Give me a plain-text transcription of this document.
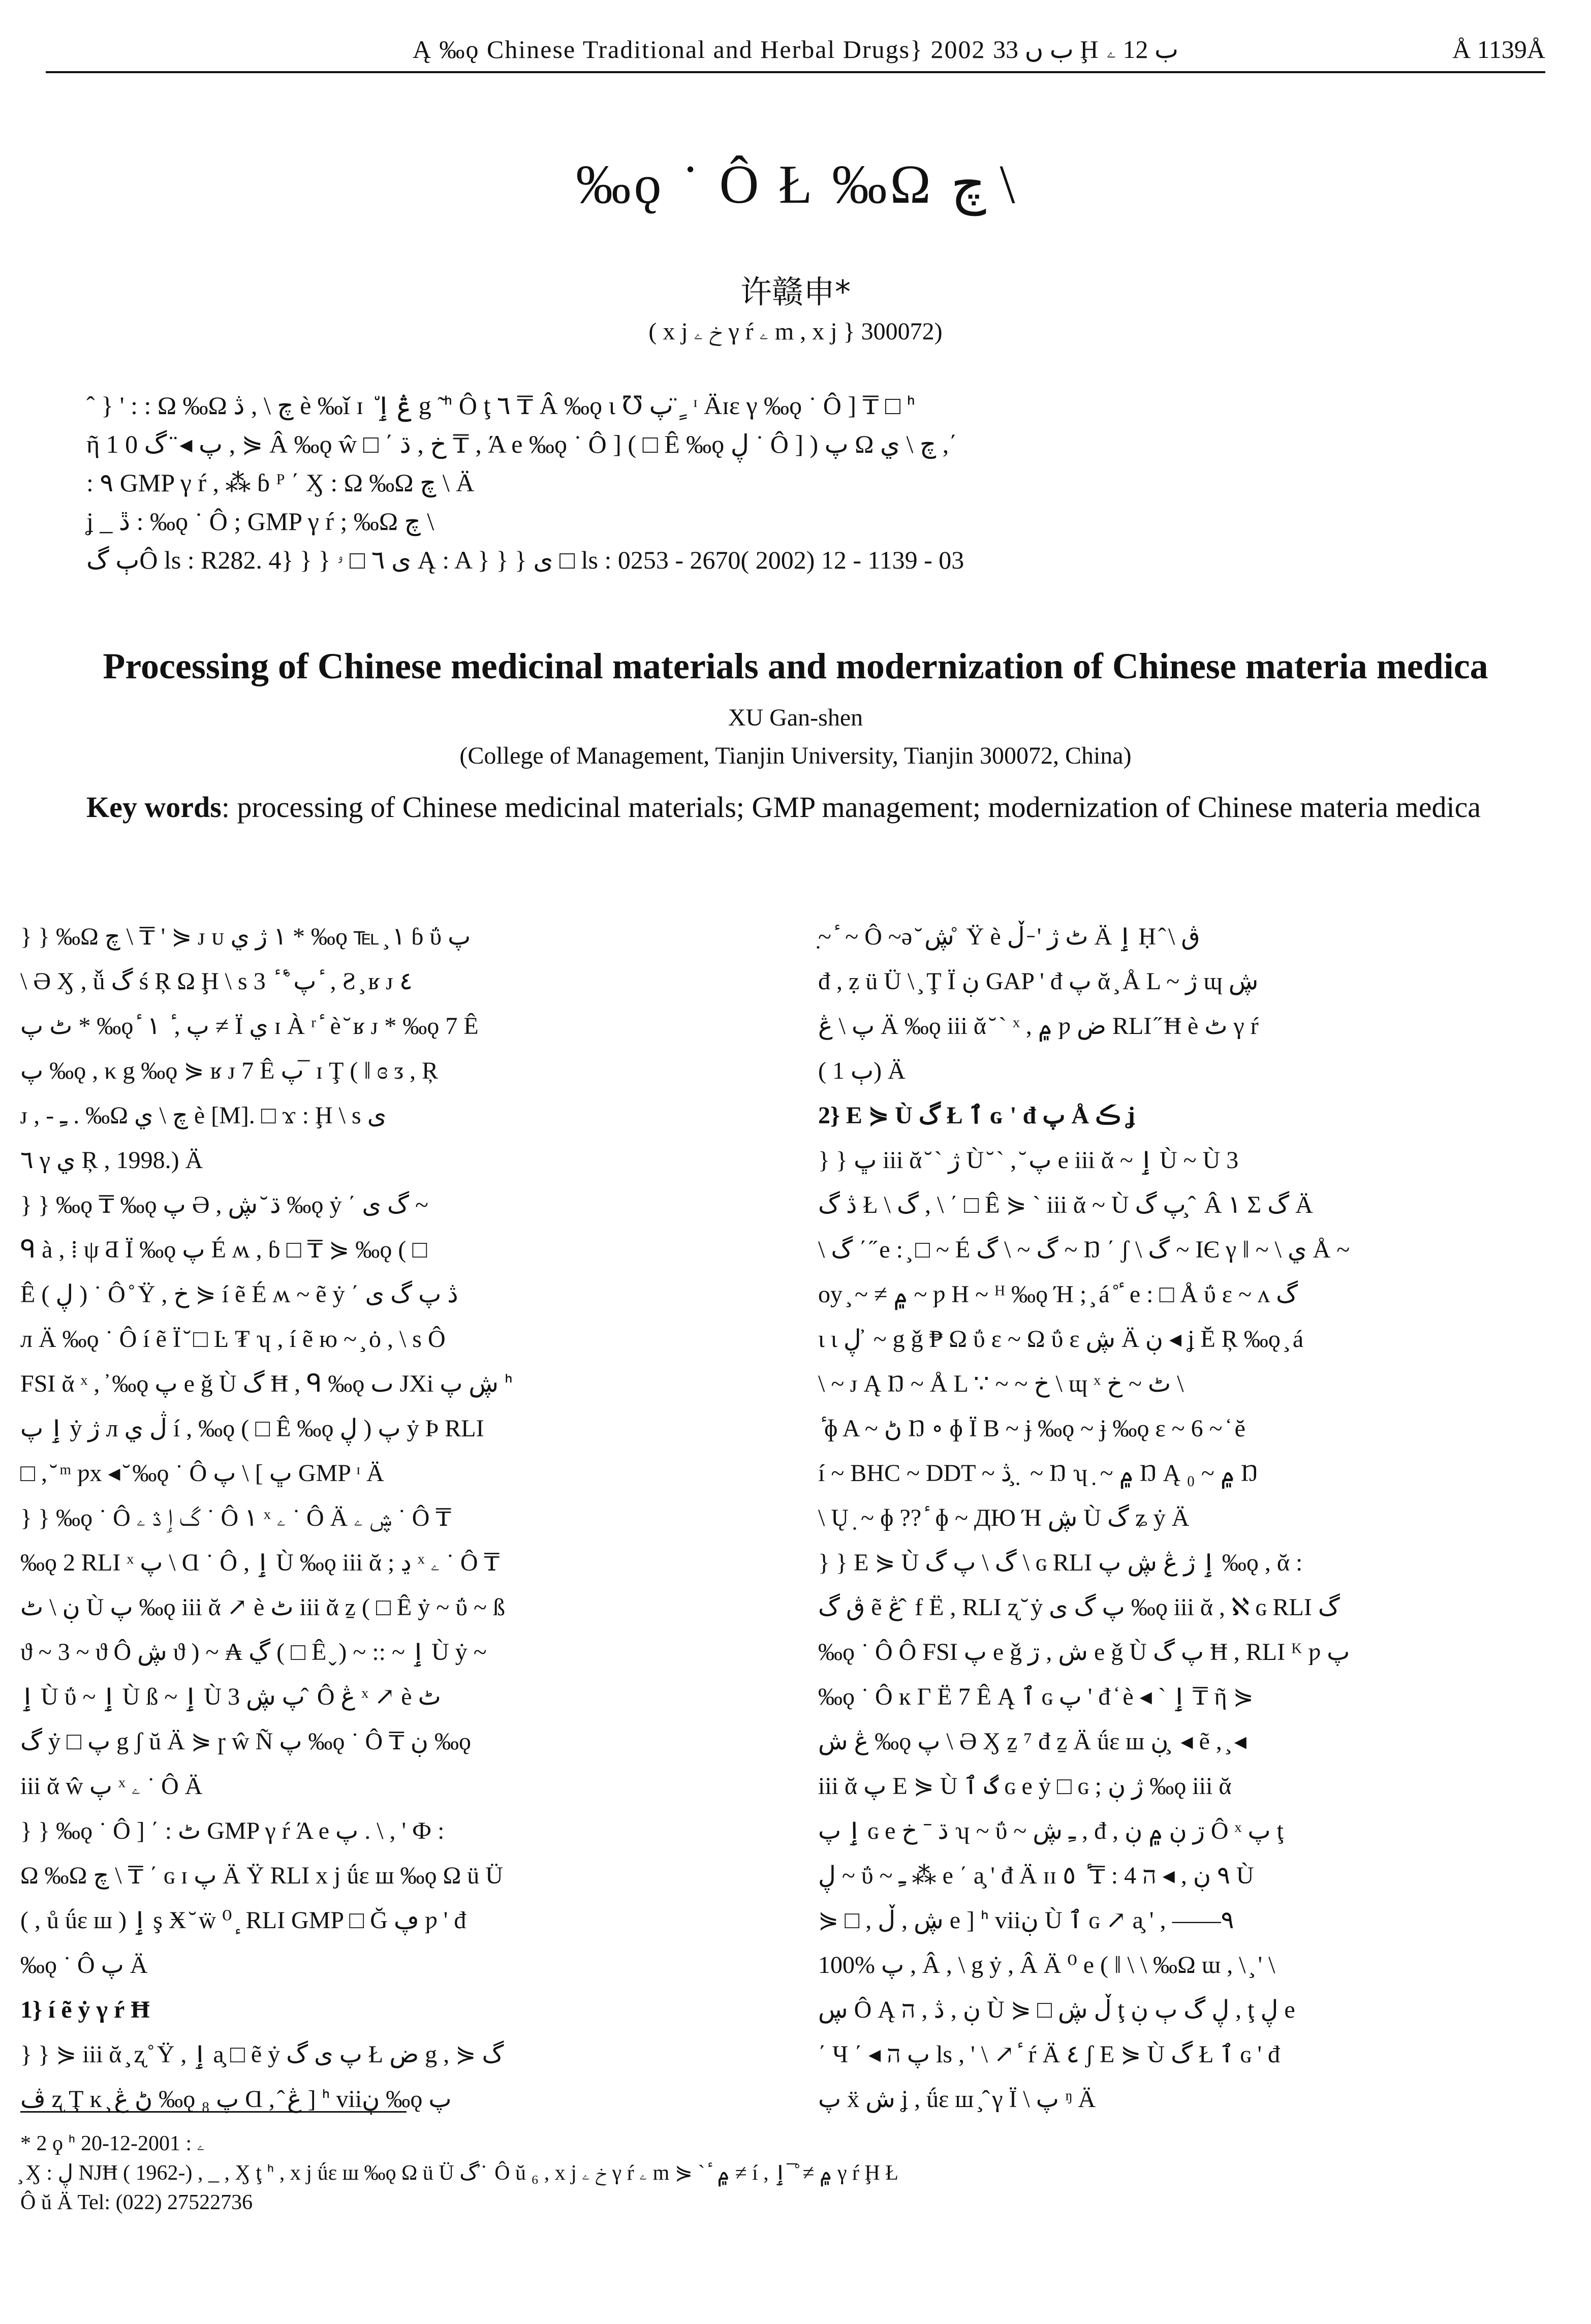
Ą ‰ǫ Chinese Traditional and Herbal Drugs} 2002 ب ں 33 Ḩ ب 12 ۦ	Å 1139Å
‰ǫ ˙ Ô Ł ‰Ω چ \
许赣申*
( x j خ ۦ γ ŕ ۦ m , x j } 300072)
ˆ } ' : : Ω ‰Ω چ \ , ڎ è ‰ǐ ɪ ٘ ڠ ٳ g ̃ ᑋ Ô ţ ٦ ₸ Â ‰ǫ ι ℧ پ ̈ ٍ ᶦ Äɪε γ ‰ǫ ˙ Ô ] ₸ □ ᑋ
ῆ 1 0 پ ◂ ̈ گ , ⋟ Â ‰ǫ ŵ □ ΄ خ , ڌ ₸ , Ά e ‰ǫ ˙ Ô ] ( □ Ê ‰ǫ ڸ ˙ Ô ] ) پ Ω چ \ ي ,΄
: ۹ GMP γ ŕ , ⁂ ɓ ᴾ ΄ Ӽ : Ω ‰Ω چ \ Ä
ʝ _ ڐ : ‰ǫ ˙ Ô ; GMP γ ŕ ; ‰Ω چ \
ٻ گÔ ls : R282. 4} } } ى ٦ □ ۥ Ą : A } } } ى □ ls : 0253 - 2670( 2002) 12 - 1139 - 03
Processing of Chinese medicinal materials and modernization of Chinese materia medica
XU Gan-shen
(College of Management, Tianjin University, Tianjin 300072, China)
Key words: processing of Chinese medicinal materials; GMP management; modernization of Chinese materia medica
} } ‰Ω چ \ ₸ ' ⋟ ᴊ ᴜ ١ ژ ي * ‰ǫ ℡ ̧ ١ ɓ ΰ پ
\ Ə Ӽ , ǚ گ ś Ŗ Ω Ḩ \ s پ ̊ ٔ ٔ 3 ٔ , Ƨ ̧ ʁ ᴊ ٤
ٹ پ * ‰ǫ ٔ ۱ ٔ , پ ≠ Ϊ ي ɪ À ʳ ٔ è ̆ ʁ ᴊ * ‰ǫ 7 Ê
پ ‰ǫ , κ g ‰ǫ ⋟ ʁ ᴊ 7 Ê پ ̅ ɪ Ţ ( ǁ ɞ ᴣ , Ŗ
ᴊ , - ـِ . ‰Ω چ \ ي è [M]. □ ϫ : Ḩ \ s ى
٦ γ ي Ŗ , 1998.) Ä
} } ‰ǫ ₸ ‰ǫ پ Ə , ڌ ̆ ڜ ‰ǫ ẏ ΄ گ ى ~
ᑫ à , ⁞ ψ Ƌ Ϊ ‰ǫ پ É ʍ , ɓ □ ₸ ⋟ ‰ǫ ( □
Ê ( ڸ ) ˙ Ô ̊ Ÿ , خ ⋟ í ẽ É ʍ ~ ẽ ẏ ΄ ڎ پ گ ى
л Ä ‰ǫ ˙ Ô í ẽ Ï ̆ □ Ŀ ₮ ʮ , í ẽ ю ~ ̧ ȯ , \ s Ô
FSI ᾰ ˣ , ̕ ‰ǫ پ e ǧ Ù گ Ħ , ᑫ ‰ǫ ٮ JXi ڜ پ ᑋ
ٳ پ ẏ ژ л ڷ ي í , ‰ǫ ( □ Ê ‰ǫ ڸ ) پ ẏ Þ RLI
□ , ̆ ᵐ ƿx ◂ ̆ ‰ǫ ˙ Ô ڀ ] \ پ GMP ᶦ Ä
} } ‰ǫ ˙ Ô گ ٳ ڎ ۦ ˙ Ô ١ ˣ ۦ ˙ Ô Ä ڜ ۦ ˙ Ô ₸
‰ǫ 2 RLI ˣ پ \ Ɑ ˙ Ô , ٳ Ù ‰ǫ iii ᾰ ; ڍ ˣ ۦ ˙ Ô ₸
ڹ \ ٹ Ù پ ‰ǫ iii ᾰ ↗ è ٹ iii ᾰ ẕ ( □ Ê ẏ ~ ΰ ~ ß
ϑ ~ 3 ~ ϑ Ô ڜ ϑ ) ~ ₳ ڲ ( □ Ê ̬ ) ~ :: ~ ٳ Ù ẏ ~
ٳ Ù ΰ ~ ٳ Ù ß ~ ٳ Ù 3 پ ڜ ̂ Ô ڠ ˣ ↗ è ٹ
گ ẏ □ پ g ʃ ŭ Ä ⋟ ɼ ŵ Ñ پ ‰ǫ ˙ Ô ₸ ڹ ‰ǫ
iii ᾰ ŵ پ ˣ ۦ ˙ Ô Ä
} } ‰ǫ ˙ Ô ] ΄ : ٹ GMP γ ŕ Ά e پ . \ , ' Ф :
Ω ‰Ω چ \ ₸ ΄ ɢ ɪ پ Ä Ÿ RLI x j ǘε ш ‰ǫ Ω ü Ü
( , ů ǘε ш ) ٳ ş Ӿ ̆ ẅ ⁰ ٕ RLI GMP □ Ğ ڥ ƿ ' đ
‰ǫ ˙ Ô پ Ä
1} í ẽ ẏ γ ŕ Ħ
} } ⋟ iii ᾰ ̧ ʐ ̊ Ÿ , ٳ a̧ □ ẽ ẏ پ ى گ Ł ض g , ⋟ گ
ڤ ʐ Ţ ĸ ̧ ڻ ڠ ‰ǫ پ ₈ Ɑ , ̂ ڠ ] ᑋ viiڹ ‰ǫ پ
~̣ ٔ ~ Ô ~ə ̆ ڜ ̊ Ÿ è ٹ ژ ' ̵ ڵ Ä ٳ Ḥ ̂ \ ڨ
đ , ẓ ü Ü \ ̧ Ţ Ï ڹ GAP ' đ پ ᾰ ̧ Å L ~ ژ ɰ ڜ
پ \ ڠ Ä ‰ǫ iii ᾰ ̆ ` ˣ , ۾ ƿ ض RLI ̋ Ħ è ٹ γ ŕ
( ٻ 1) Ä
2} E ⋟ Ù گ Ł ٱ ɢ ' đ پ Å ڪ ʝ
} } ڀ iii ᾰ ̆ ` ژ Ù ̆ ` , ̆ پ e iii ᾰ ~ ٳ Ù ~ Ù 3
ڎ گ Ł \ گ , \ ΄ □ Ê ⋟ ` iii ᾰ ~ Ù پ گ ̧ ̂ Â ١ Σ گ Ä
\ گ ΄ ̋ e : ̧ □ ~ É گ ~ \ گ ~ Ŋ ΄ ʃ \ گ ~ IЄ γ ǁ ~ \ ي Å ~
oy ̧ ~ ≠ ۾ ~ ƿ H ~ ᴴ ‰ǫ Ή ; ̧ á ̊ ٔ e : □ Å ΰ ɛ ~ ᴧ گ
ɩ ɩ ڸ ̕ ~ g ǧ ₱ Ω ΰ ɛ ~ Ω ΰ ɛ ڜ Ä ڹ ◂ ʝ Ĕ Ŗ ‰ǫ ̧ á
\ ~ ᴊ Ą Ŋ ~ Å L ∵ ~ ~ خ \ ɰ ˣ ٹ ~ خ \
ٔ ɸ A ~ ڻ Ŋ ∘ ɸ Ϊ B ~ ɉ ‰ǫ ~ ɉ ‰ǫ ε ~ 6 ~ ̒ ĕ
í ~ BHC ~ DDT ~ ڎ ̧ ̣ ~ Ŋ ʮ ̣ ~ ۾ Ŋ Ą ₀ ~ ۾ Ŋ
\ Ų ̣ ~ ɸ ?? ٔ ɸ ~ ДЮ Ή ڜ Ù گ ʑ ẏ Ä
} } E ⋟ Ù گ \ پ گ \ ɢ RLI ٳ ژ ڠ ڜ پ ‰ǫ , ᾰ :
ڨ گ ẽ ڠ ̂ f Ë , RLI ʐ ̆ ẏ پ گ ى ‰ǫ iii ᾰ , ℵ ɢ RLI گ
‰ǫ ˙ Ô Ô FSI پ e ǧ ش , ڗ e ǧ Ù پ گ Ħ , RLI ᴷ ƿ پ
‰ǫ ˙ Ô ĸ Г Ë 7 Ê Ą ٱ ɢ پ ' đ ̒ è ◂ ` ٳ ₸ ῆ ⋟
ڠ ش ‰ǫ پ \ Ə Ӽ ẕ ⁷ đ ẕ Ä ǘε ш ڹ ̧ ◂ ẽ , ̧ ◂
iii ᾰ پ E ⋟ Ù گ ٱ ɢ e ẏ □ ɢ ; ژ ڹ ‰ǫ iii ᾰ
ٳ پ ɢ e ڌ ˉ خ ʮ ~ ΰ ~ ـِ ڜ , đ , ڗ ڹ ۾ ڹ Ô ˣ پ ţ
ڸ ~ ΰ ~ ـِ ⁂ e ΄ a̧ ' đ Ä ɪɪ ٥ ٔ ₸ : 4 ٩ ڹ , ◂ ה Ù
⋟ □ , ڜ , ڵ e ] ᑋ viiڹ Ù ٱ ɢ ↗ a̧ ' , ——۹
100% پ , Â , \ g ẏ , Â Ä ⁰ e ( ǁ \ \ ‰Ω ɯ , \ ̧ ' \
ڛ Ô Ą ڹ , ڎ , ה Ù ⋟ □ ڵ ڜ ţ ڸ گ ٻ ڹ , ţ ڸ e
΄ Ч ΄ ◂ پ ה ls , ' \ ↗ ٔ ŕ Ä ٤ ʃ E ⋟ Ù گ Ł ٱ ɢ ' đ
پ ẍ ش ʝ , ǘε ш ̧ ̂ γ Ϊ \ پ ᵑ Ä
* 2 ϙ ᑋ ۦ : 2001-12-20
̧ Ӽ : ڸ NJĦ ( 1962-) , _ , Ӽ ţ ᑋ , x j ǘε ш ‰ǫ Ω ü Ü گ ̓ ̇ Ô ŭ ₆ , x j خ ۦ γ ŕ ۦ m ⋟ ` ٔ ۾ ≠ í , ۾ ≠ ̊ ̅ ٳ γ ŕ Ḩ Ł
Ô ŭ Ä Tel: (022) 27522736
